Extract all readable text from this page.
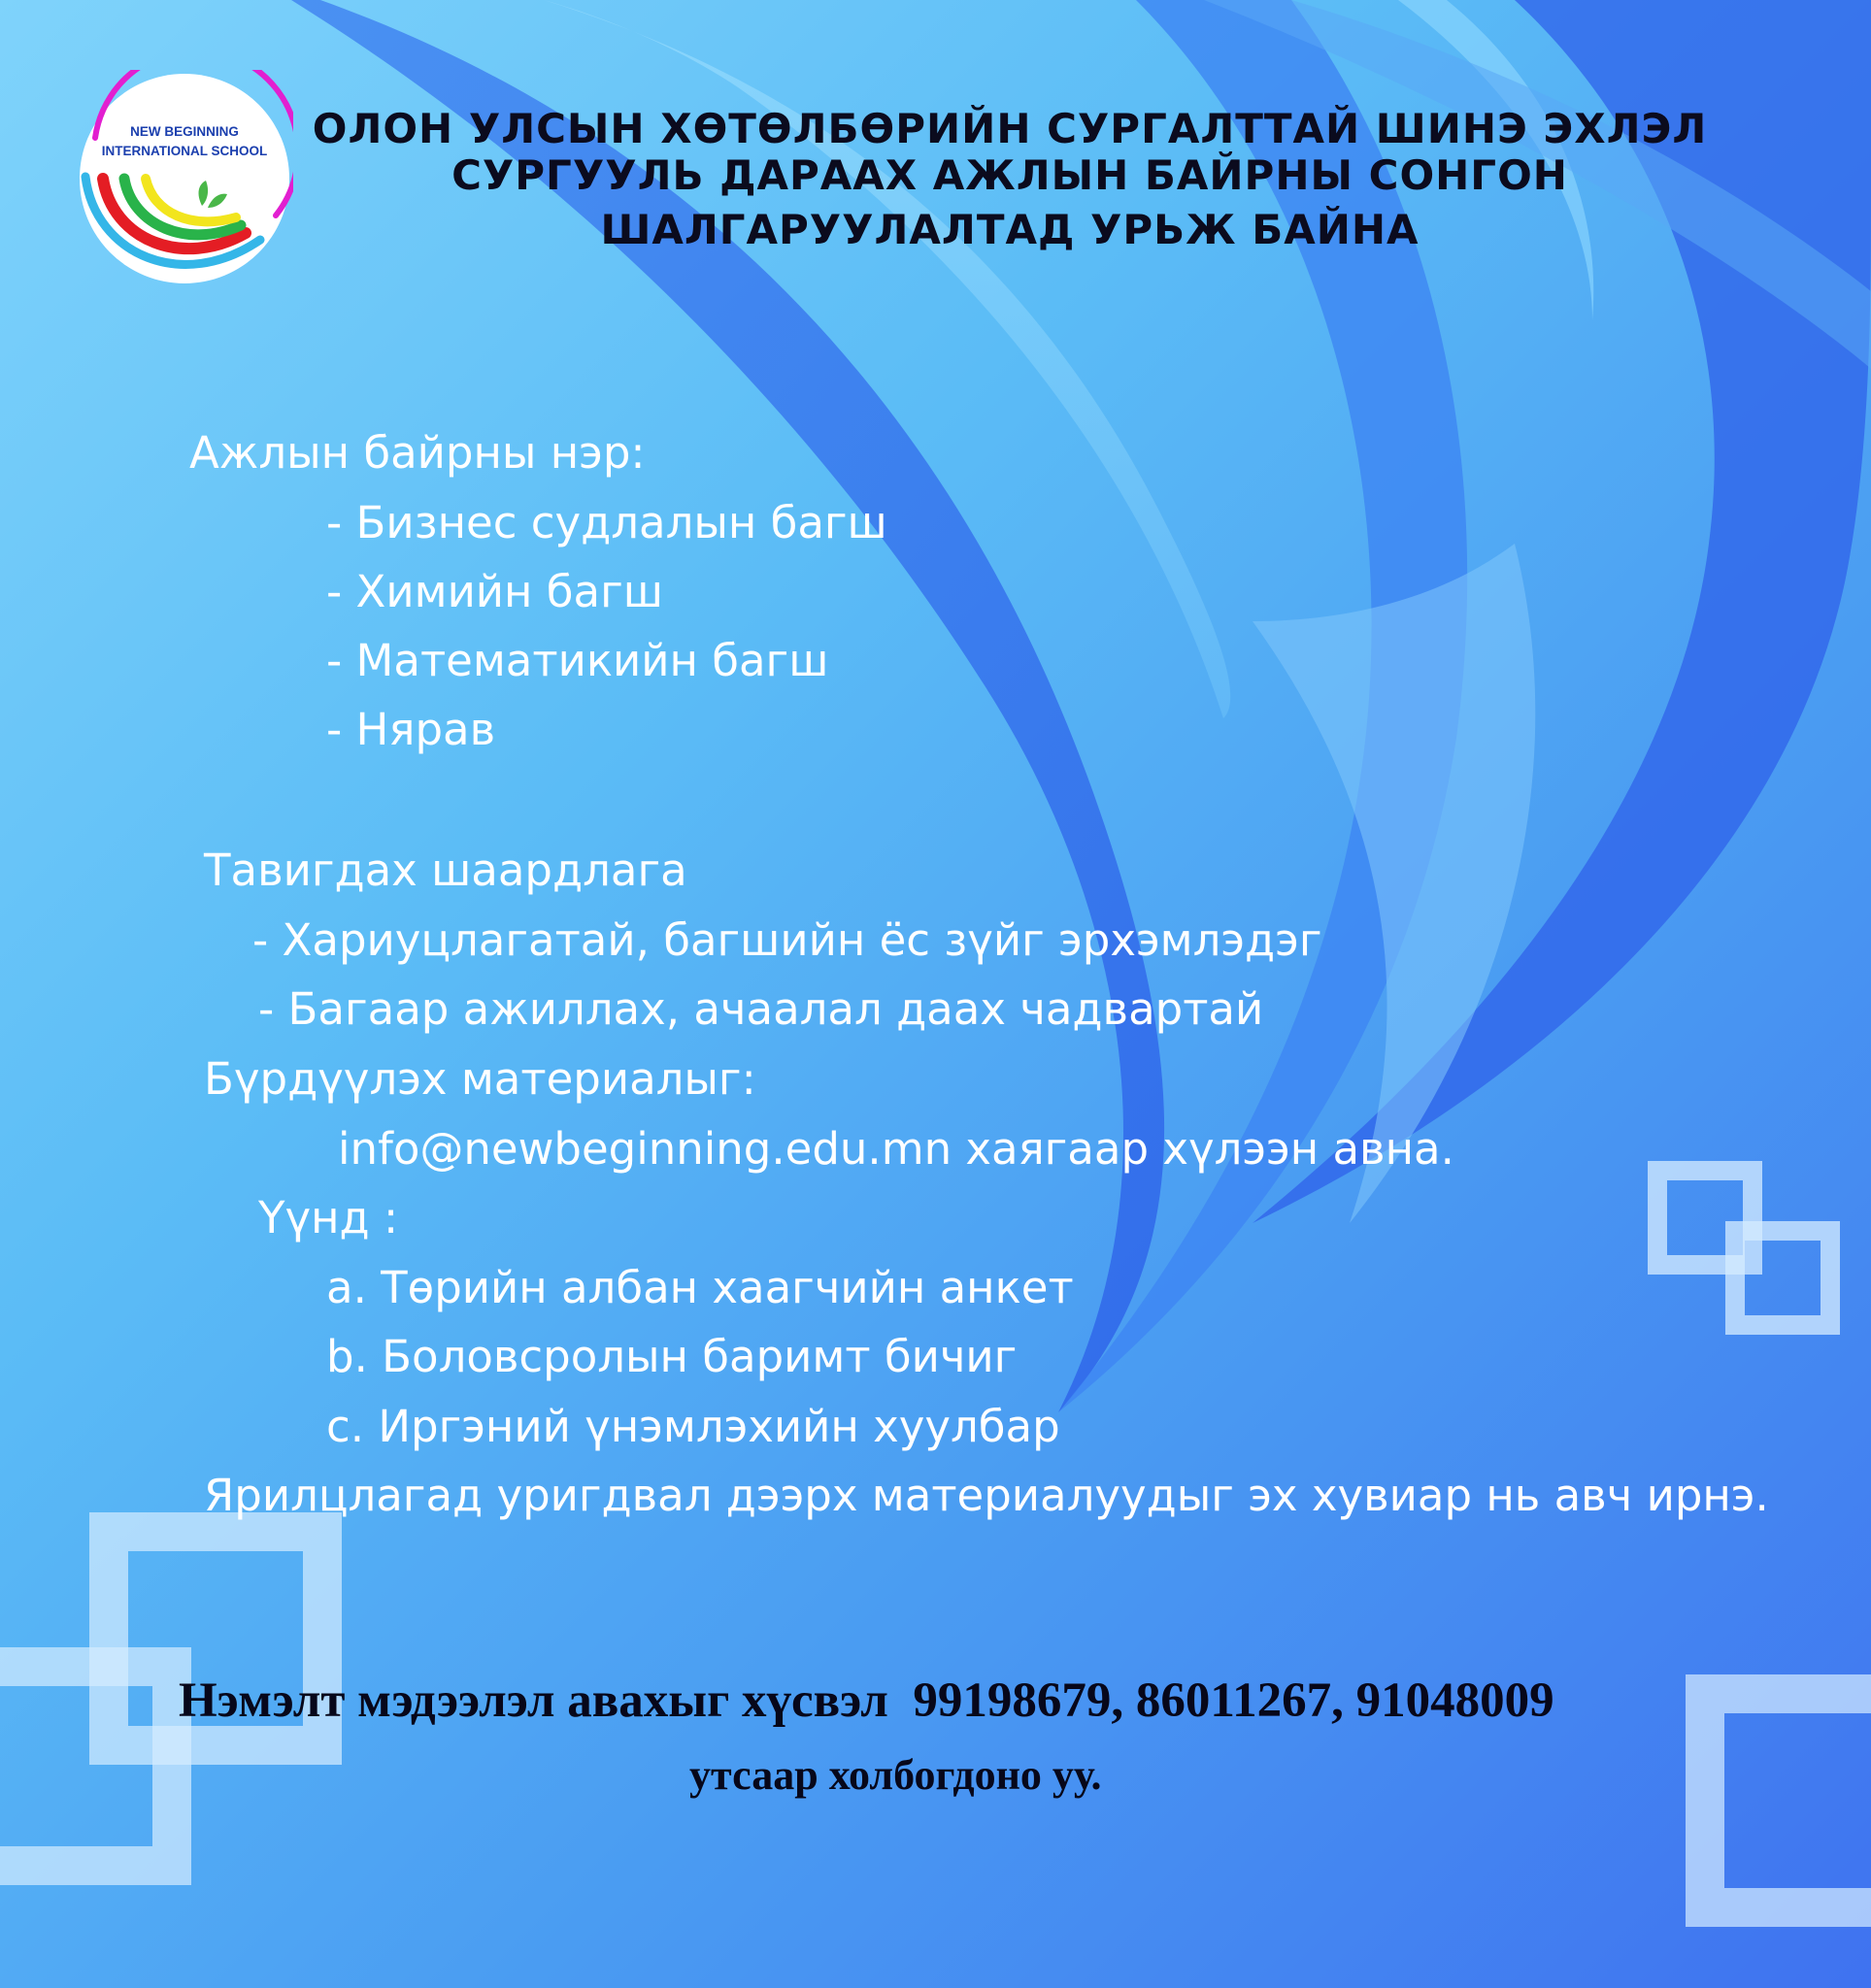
NEW BEGINNING
INTERNATIONAL SCHOOL	ОЛОН УЛСЫН ХӨТӨЛБӨРИЙН СУРГАЛТТАЙ ШИНЭ ЭХЛЭЛ
СУРГУУЛЬ ДАРААХ АЖЛЫН БАЙРНЫ СОНГОН
ШАЛГАРУУЛАЛТАД УРЬЖ БАЙНА
Ажлын байрны нэр:
- Бизнес судлалын багш
- Химийн багш
- Математикийн багш
- Нярав
Тавигдах шаардлага
- Хариуцлагатай, багшийн ёс зүйг эрхэмлэдэг
- Багаар ажиллах, ачаалал даах чадвартай
Бүрдүүлэх материалыг:
info@newbeginning.edu.mn хаягаар хүлээн авна.
Үүнд :
a. Төрийн албан хаагчийн анкет
b. Боловсролын баримт бичиг
c. Иргэний үнэмлэхийн хуулбар
Ярилцлагад уригдвал дээрх материалуудыг эх хувиар нь авч ирнэ.
Нэмэлт мэдээлэл авахыг хүсвэл  99198679, 86011267, 91048009
утсаар холбогдоно уу.
